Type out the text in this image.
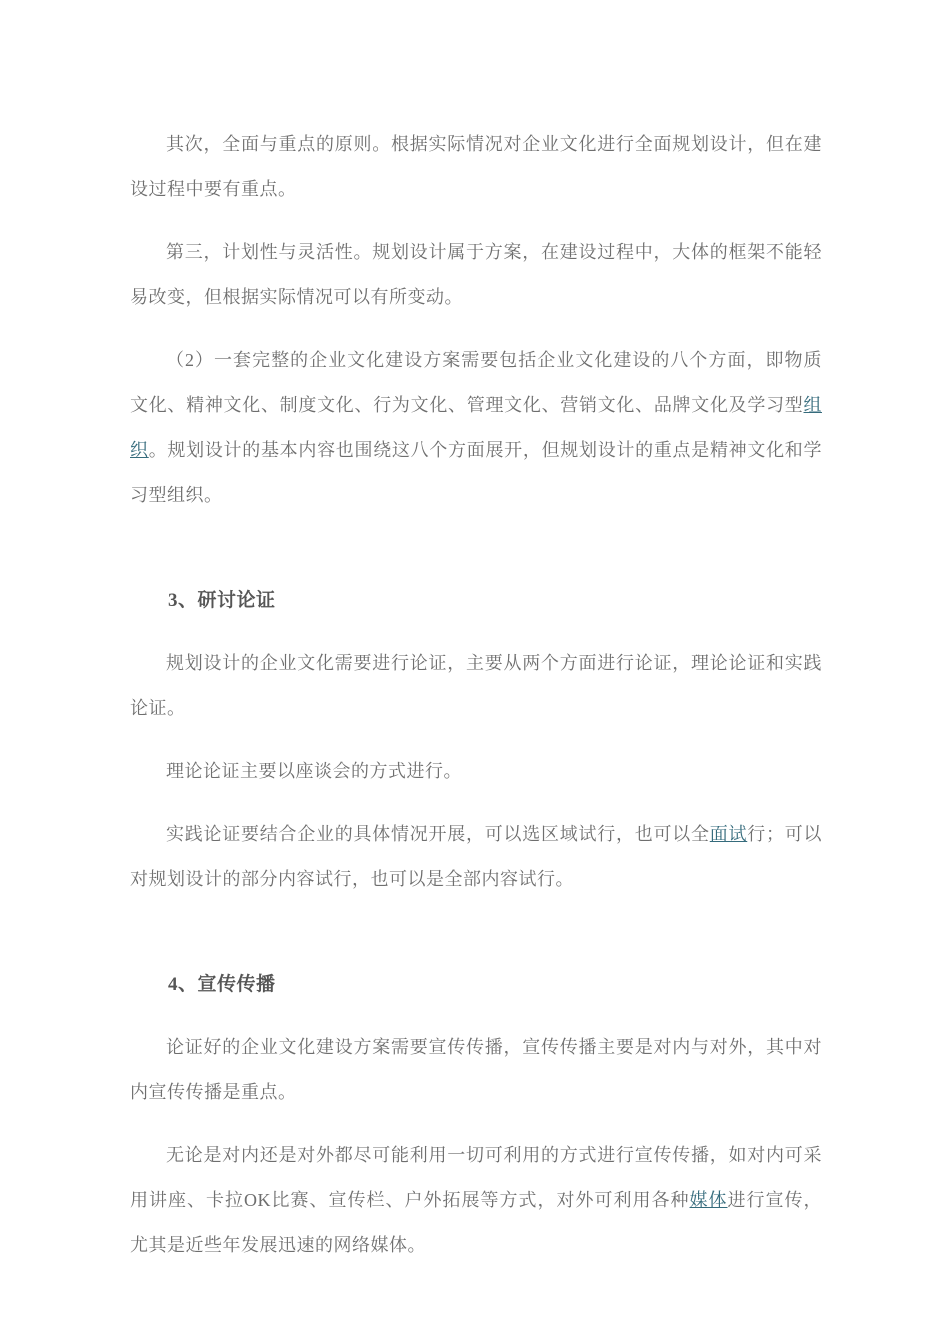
其次，全面与重点的原则。根据实际情况对企业文化进行全面规划设计，但在建设过程中要有重点。

第三，计划性与灵活性。规划设计属于方案，在建设过程中，大体的框架不能轻易改变，但根据实际情况可以有所变动。

（2）一套完整的企业文化建设方案需要包括企业文化建设的八个方面，即物质文化、精神文化、制度文化、行为文化、管理文化、营销文化、品牌文化及学习型组织。规划设计的基本内容也围绕这八个方面展开，但规划设计的重点是精神文化和学习型组织。

3、研讨论证

规划设计的企业文化需要进行论证，主要从两个方面进行论证，理论论证和实践论证。

理论论证主要以座谈会的方式进行。

实践论证要结合企业的具体情况开展，可以选区域试行，也可以全面试行；可以对规划设计的部分内容试行，也可以是全部内容试行。

4、宣传传播

论证好的企业文化建设方案需要宣传传播，宣传传播主要是对内与对外，其中对内宣传传播是重点。

无论是对内还是对外都尽可能利用一切可利用的方式进行宣传传播，如对内可采用讲座、卡拉OK比赛、宣传栏、户外拓展等方式，对外可利用各种媒体进行宣传，尤其是近些年发展迅速的网络媒体。
